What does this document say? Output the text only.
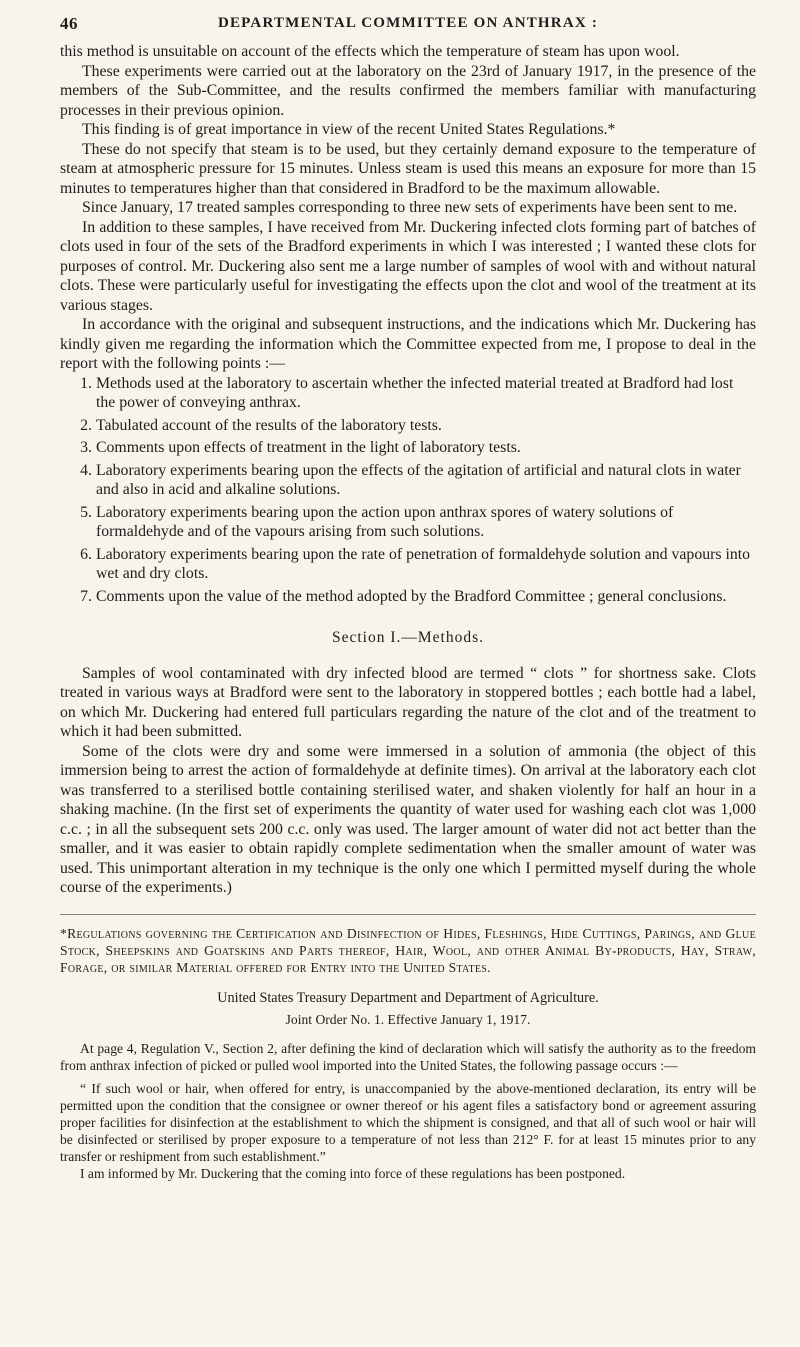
46	DEPARTMENTAL COMMITTEE ON ANTHRAX :

this method is unsuitable on account of the effects which the temperature of steam has upon wool.

These experiments were carried out at the laboratory on the 23rd of January 1917, in the presence of the members of the Sub-Committee, and the results confirmed the members familiar with manufacturing processes in their previous opinion.

This finding is of great importance in view of the recent United States Regulations.*

These do not specify that steam is to be used, but they certainly demand exposure to the temperature of steam at atmospheric pressure for 15 minutes. Unless steam is used this means an exposure for more than 15 minutes to temperatures higher than that considered in Bradford to be the maximum allowable.

Since January, 17 treated samples corresponding to three new sets of experiments have been sent to me.

In addition to these samples, I have received from Mr. Duckering infected clots forming part of batches of clots used in four of the sets of the Bradford experiments in which I was interested ; I wanted these clots for purposes of control. Mr. Duckering also sent me a large number of samples of wool with and without natural clots. These were particularly useful for investigating the effects upon the clot and wool of the treatment at its various stages.

In accordance with the original and subsequent instructions, and the indications which Mr. Duckering has kindly given me regarding the information which the Committee expected from me, I propose to deal in the report with the following points :—

1. Methods used at the laboratory to ascertain whether the infected material treated at Bradford had lost the power of conveying anthrax.
2. Tabulated account of the results of the laboratory tests.
3. Comments upon effects of treatment in the light of laboratory tests.
4. Laboratory experiments bearing upon the effects of the agitation of artificial and natural clots in water and also in acid and alkaline solutions.
5. Laboratory experiments bearing upon the action upon anthrax spores of watery solutions of formaldehyde and of the vapours arising from such solutions.
6. Laboratory experiments bearing upon the rate of penetration of formaldehyde solution and vapours into wet and dry clots.
7. Comments upon the value of the method adopted by the Bradford Committee ; general conclusions.
Section I.—Methods.

Samples of wool contaminated with dry infected blood are termed “ clots ” for shortness sake. Clots treated in various ways at Bradford were sent to the laboratory in stoppered bottles ; each bottle had a label, on which Mr. Duckering had entered full particulars regarding the nature of the clot and of the treatment to which it had been submitted.

Some of the clots were dry and some were immersed in a solution of ammonia (the object of this immersion being to arrest the action of formaldehyde at definite times). On arrival at the laboratory each clot was transferred to a sterilised bottle containing sterilised water, and shaken violently for half an hour in a shaking machine. (In the first set of experiments the quantity of water used for washing each clot was 1,000 c.c. ; in all the subsequent sets 200 c.c. only was used. The larger amount of water did not act better than the smaller, and it was easier to obtain rapidly complete sedimentation when the smaller amount of water was used. This unimportant alteration in my technique is the only one which I permitted myself during the whole course of the experiments.)

*Regulations governing the Certification and Disinfection of Hides, Fleshings, Hide Cuttings, Parings, and Glue Stock, Sheepskins and Goatskins and Parts thereof, Hair, Wool, and other Animal By-products, Hay, Straw, Forage, or similar Material offered for Entry into the United States.

United States Treasury Department and Department of Agriculture.

Joint Order No. 1. Effective January 1, 1917.

At page 4, Regulation V., Section 2, after defining the kind of declaration which will satisfy the authority as to the freedom from anthrax infection of picked or pulled wool imported into the United States, the following passage occurs :—

“ If such wool or hair, when offered for entry, is unaccompanied by the above-mentioned declaration, its entry will be permitted upon the condition that the consignee or owner thereof or his agent files a satisfactory bond or agreement assuring proper facilities for disinfection at the establishment to which the shipment is consigned, and that all of such wool or hair will be disinfected or sterilised by proper exposure to a temperature of not less than 212° F. for at least 15 minutes prior to any transfer or reshipment from such establishment.”

I am informed by Mr. Duckering that the coming into force of these regulations has been postponed.
